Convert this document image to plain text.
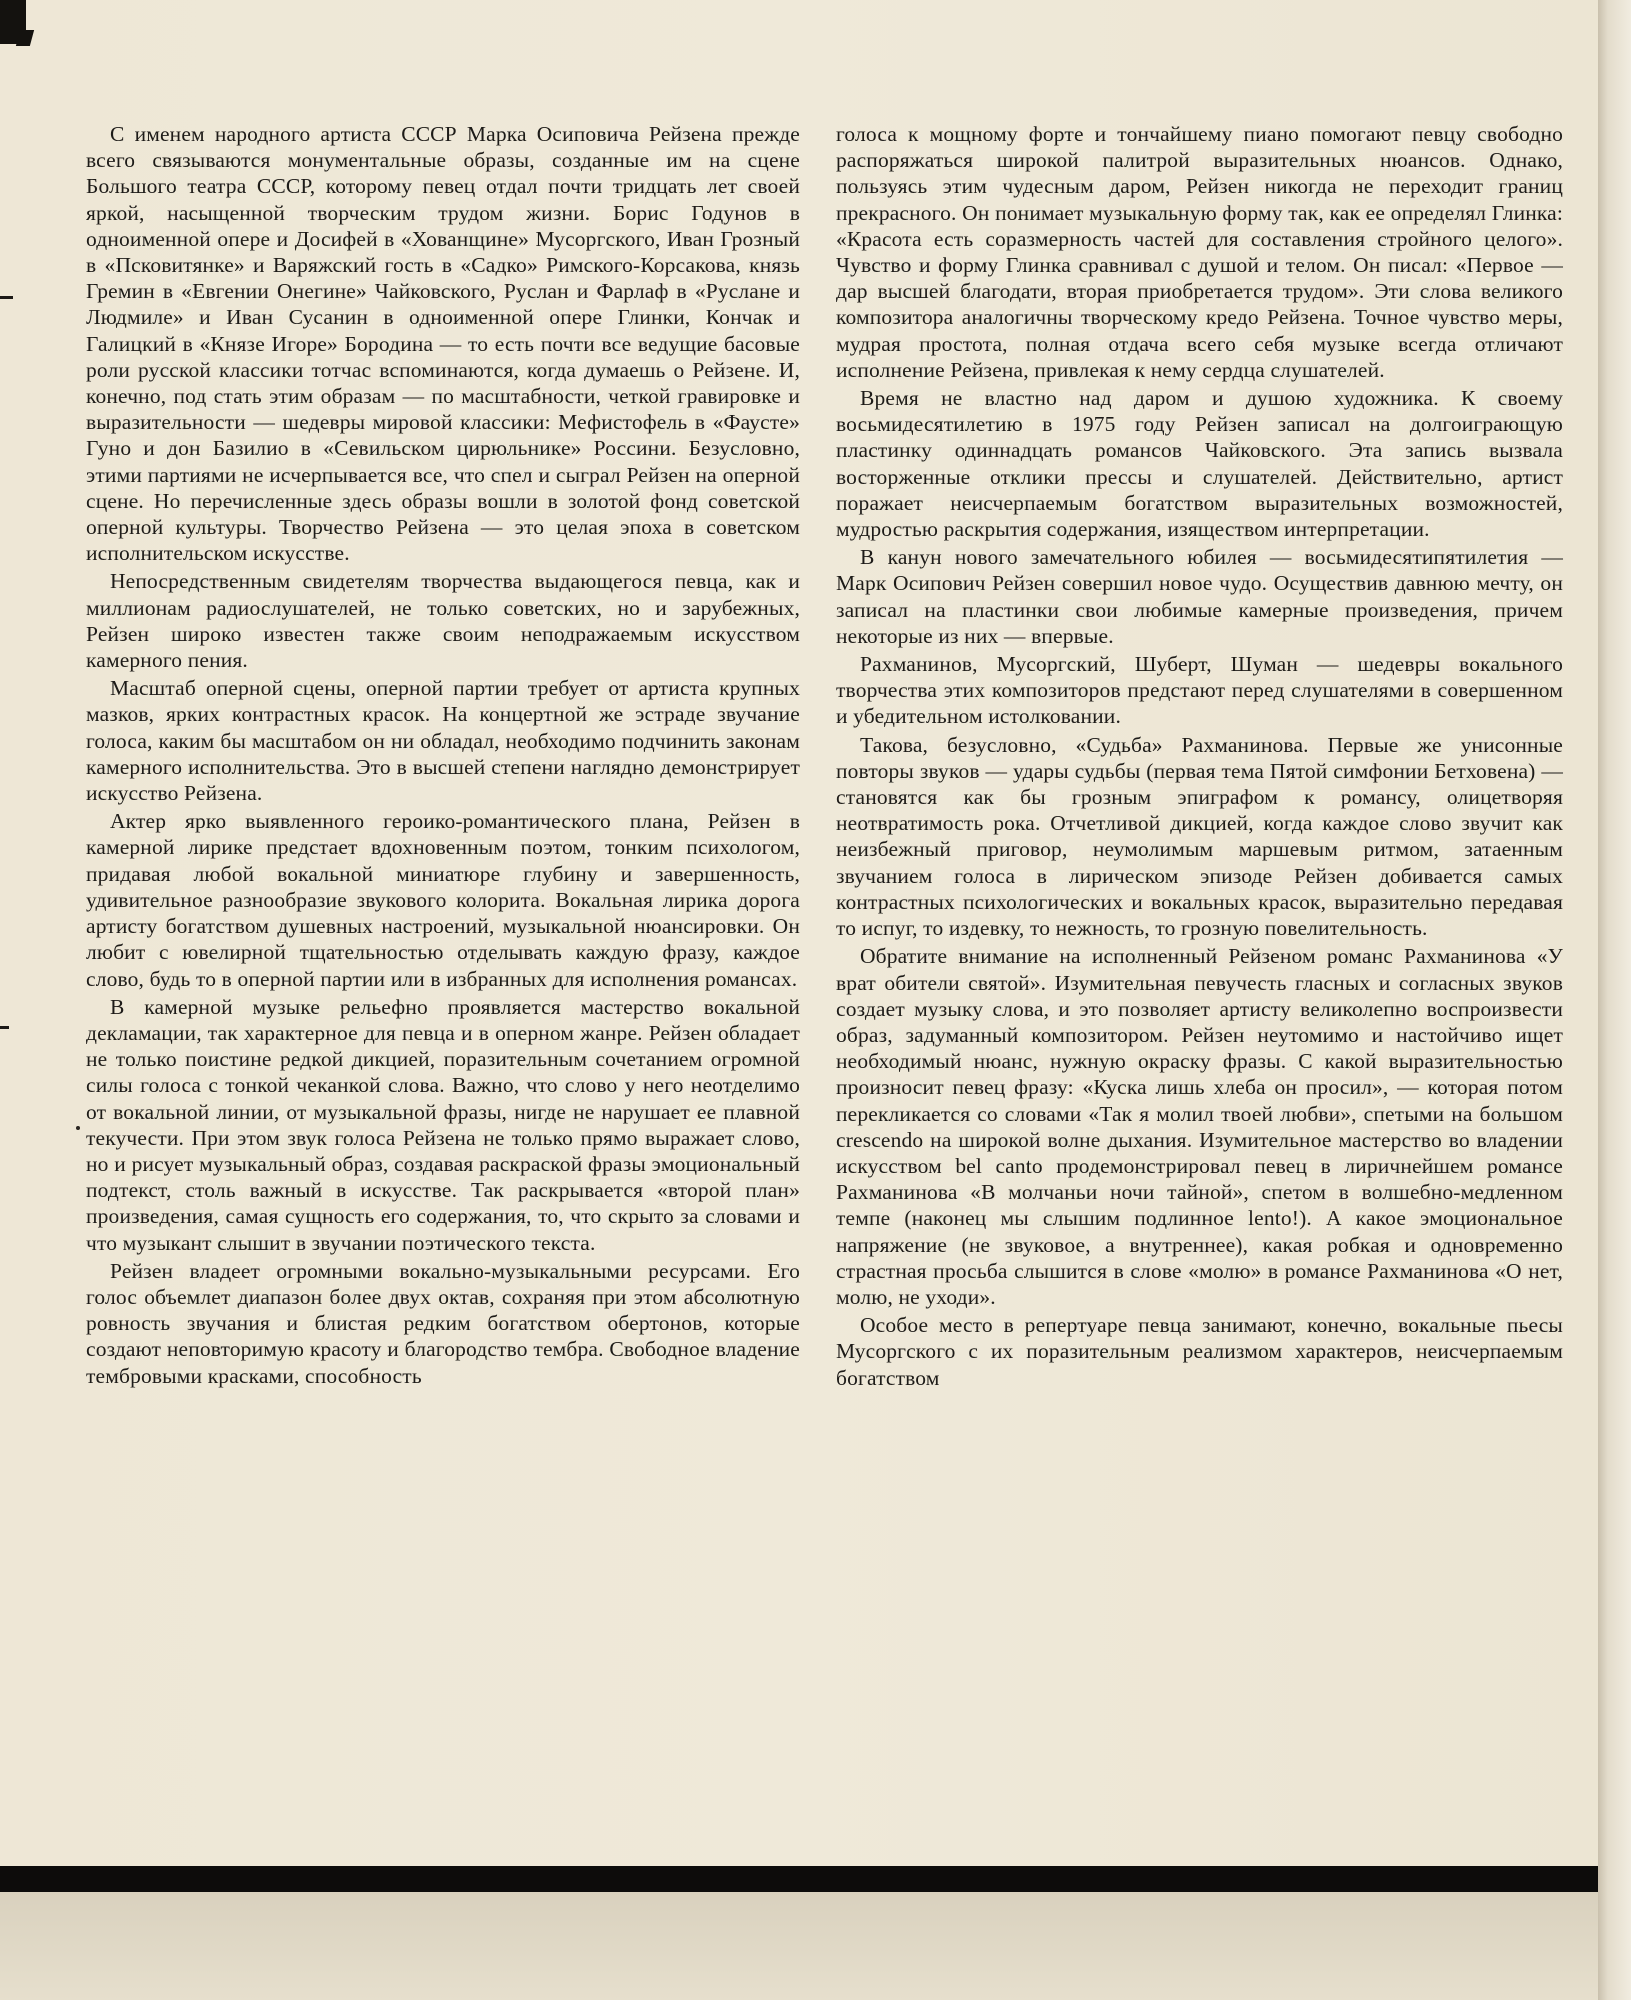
С именем народного артиста СССР Марка Осиповича Рейзена прежде всего связываются монументальные образы, созданные им на сцене Большого театра СССР, которому певец отдал почти тридцать лет своей яркой, насыщенной творческим трудом жизни. Борис Годунов в одноименной опере и Досифей в «Хованщине» Мусоргского, Иван Грозный в «Псковитянке» и Варяжский гость в «Садко» Римского-Корсакова, князь Гремин в «Евгении Онегине» Чайковского, Руслан и Фарлаф в «Руслане и Людмиле» и Иван Сусанин в одноименной опере Глинки, Кончак и Галицкий в «Князе Игоре» Бородина — то есть почти все ведущие басовые роли русской классики тотчас вспоминаются, когда думаешь о Рейзене. И, конечно, под стать этим образам — по масштабности, четкой гравировке и выразительности — шедевры мировой классики: Мефистофель в «Фаусте» Гуно и дон Базилио в «Севильском цирюльнике» Россини. Безусловно, этими партиями не исчерпывается все, что спел и сыграл Рейзен на оперной сцене. Но перечисленные здесь образы вошли в золотой фонд советской оперной культуры. Творчество Рейзена — это целая эпоха в советском исполнительском искусстве.

Непосредственным свидетелям творчества выдающегося певца, как и миллионам радиослушателей, не только советских, но и зарубежных, Рейзен широко известен также своим неподражаемым искусством камерного пения.

Масштаб оперной сцены, оперной партии требует от артиста крупных мазков, ярких контрастных красок. На концертной же эстраде звучание голоса, каким бы масштабом он ни обладал, необходимо подчинить законам камерного исполнительства. Это в высшей степени наглядно демонстрирует искусство Рейзена.

Актер ярко выявленного героико-романтического плана, Рейзен в камерной лирике предстает вдохновенным поэтом, тонким психологом, придавая любой вокальной миниатюре глубину и завершенность, удивительное разнообразие звукового колорита. Вокальная лирика дорога артисту богатством душевных настроений, музыкальной нюансировки. Он любит с ювелирной тщательностью отделывать каждую фразу, каждое слово, будь то в оперной партии или в избранных для исполнения романсах.

В камерной музыке рельефно проявляется мастерство вокальной декламации, так характерное для певца и в оперном жанре. Рейзен обладает не только поистине редкой дикцией, поразительным сочетанием огромной силы голоса с тонкой чеканкой слова. Важно, что слово у него неотделимо от вокальной линии, от музыкальной фразы, нигде не нарушает ее плавной текучести. При этом звук голоса Рейзена не только прямо выражает слово, но и рисует музыкальный образ, создавая раскраской фразы эмоциональный подтекст, столь важный в искусстве. Так раскрывается «второй план» произведения, самая сущность его содержания, то, что скрыто за словами и что музыкант слышит в звучании поэтического текста.

Рейзен владеет огромными вокально-музыкальными ресурсами. Его голос объемлет диапазон более двух октав, сохраняя при этом абсолютную ровность звучания и блистая редким богатством обертонов, которые создают неповторимую красоту и благородство тембра. Свободное владение тембровыми красками, способность

голоса к мощному форте и тончайшему пиано помогают певцу свободно распоряжаться широкой палитрой выразительных нюансов. Однако, пользуясь этим чудесным даром, Рейзен никогда не переходит границ прекрасного. Он понимает музыкальную форму так, как ее определял Глинка: «Красота есть соразмерность частей для составления стройного целого». Чувство и форму Глинка сравнивал с душой и телом. Он писал: «Первое — дар высшей благодати, вторая приобретается трудом». Эти слова великого композитора аналогичны творческому кредо Рейзена. Точное чувство меры, мудрая простота, полная отдача всего себя музыке всегда отличают исполнение Рейзена, привлекая к нему сердца слушателей.

Время не властно над даром и душою художника. К своему восьмидесятилетию в 1975 году Рейзен записал на долгоиграющую пластинку одиннадцать романсов Чайковского. Эта запись вызвала восторженные отклики прессы и слушателей. Действительно, артист поражает неисчерпаемым богатством выразительных возможностей, мудростью раскрытия содержания, изяществом интерпретации.

В канун нового замечательного юбилея — восьмидесятипятилетия — Марк Осипович Рейзен совершил новое чудо. Осуществив давнюю мечту, он записал на пластинки свои любимые камерные произведения, причем некоторые из них — впервые.

Рахманинов, Мусоргский, Шуберт, Шуман — шедевры вокального творчества этих композиторов предстают перед слушателями в совершенном и убедительном истолковании.

Такова, безусловно, «Судьба» Рахманинова. Первые же унисонные повторы звуков — удары судьбы (первая тема Пятой симфонии Бетховена) — становятся как бы грозным эпиграфом к романсу, олицетворяя неотвратимость рока. Отчетливой дикцией, когда каждое слово звучит как неизбежный приговор, неумолимым маршевым ритмом, затаенным звучанием голоса в лирическом эпизоде Рейзен добивается самых контрастных психологических и вокальных красок, выразительно передавая то испуг, то издевку, то нежность, то грозную повелительность.

Обратите внимание на исполненный Рейзеном романс Рахманинова «У врат обители святой». Изумительная певучесть гласных и согласных звуков создает музыку слова, и это позволяет артисту великолепно воспроизвести образ, задуманный композитором. Рейзен неутомимо и настойчиво ищет необходимый нюанс, нужную окраску фразы. С какой выразительностью произносит певец фразу: «Куска лишь хлеба он просил», — которая потом перекликается со словами «Так я молил твоей любви», спетыми на большом crescendo на широкой волне дыхания. Изумительное мастерство во владении искусством bel canto продемонстрировал певец в лиричнейшем романсе Рахманинова «В молчаньи ночи тайной», спетом в волшебно-медленном темпе (наконец мы слышим подлинное lento!). А какое эмоциональное напряжение (не звуковое, а внутреннее), какая робкая и одновременно страстная просьба слышится в слове «молю» в романсе Рахманинова «О нет, молю, не уходи».

Особое место в репертуаре певца занимают, конечно, вокальные пьесы Мусоргского с их поразительным реализмом характеров, неисчерпаемым богатством
